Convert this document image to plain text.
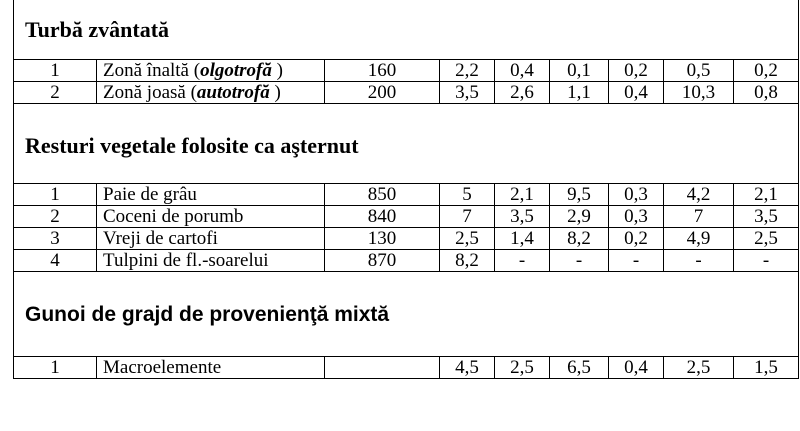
Turbă zvântată								
1	Zonă înaltă (olgotrofă )	160	2,2	0,4	0,1	0,2	0,5	0,2
2	Zonă joasă (autotrofă )	200	3,5	2,6	1,1	0,4	10,3	0,8
Resturi vegetale folosite ca aşternut								
1	Paie de grâu	850	5	2,1	9,5	0,3	4,2	2,1
2	Coceni de porumb	840	7	3,5	2,9	0,3	7	3,5
3	Vreji de cartofi	130	2,5	1,4	8,2	0,2	4,9	2,5
4	Tulpini de fl.-soarelui	870	8,2	-	-	-	-	-
Gunoi de grajd de provenienţă mixtă								
1	Macroelemente		4,5	2,5	6,5	0,4	2,5	1,5
